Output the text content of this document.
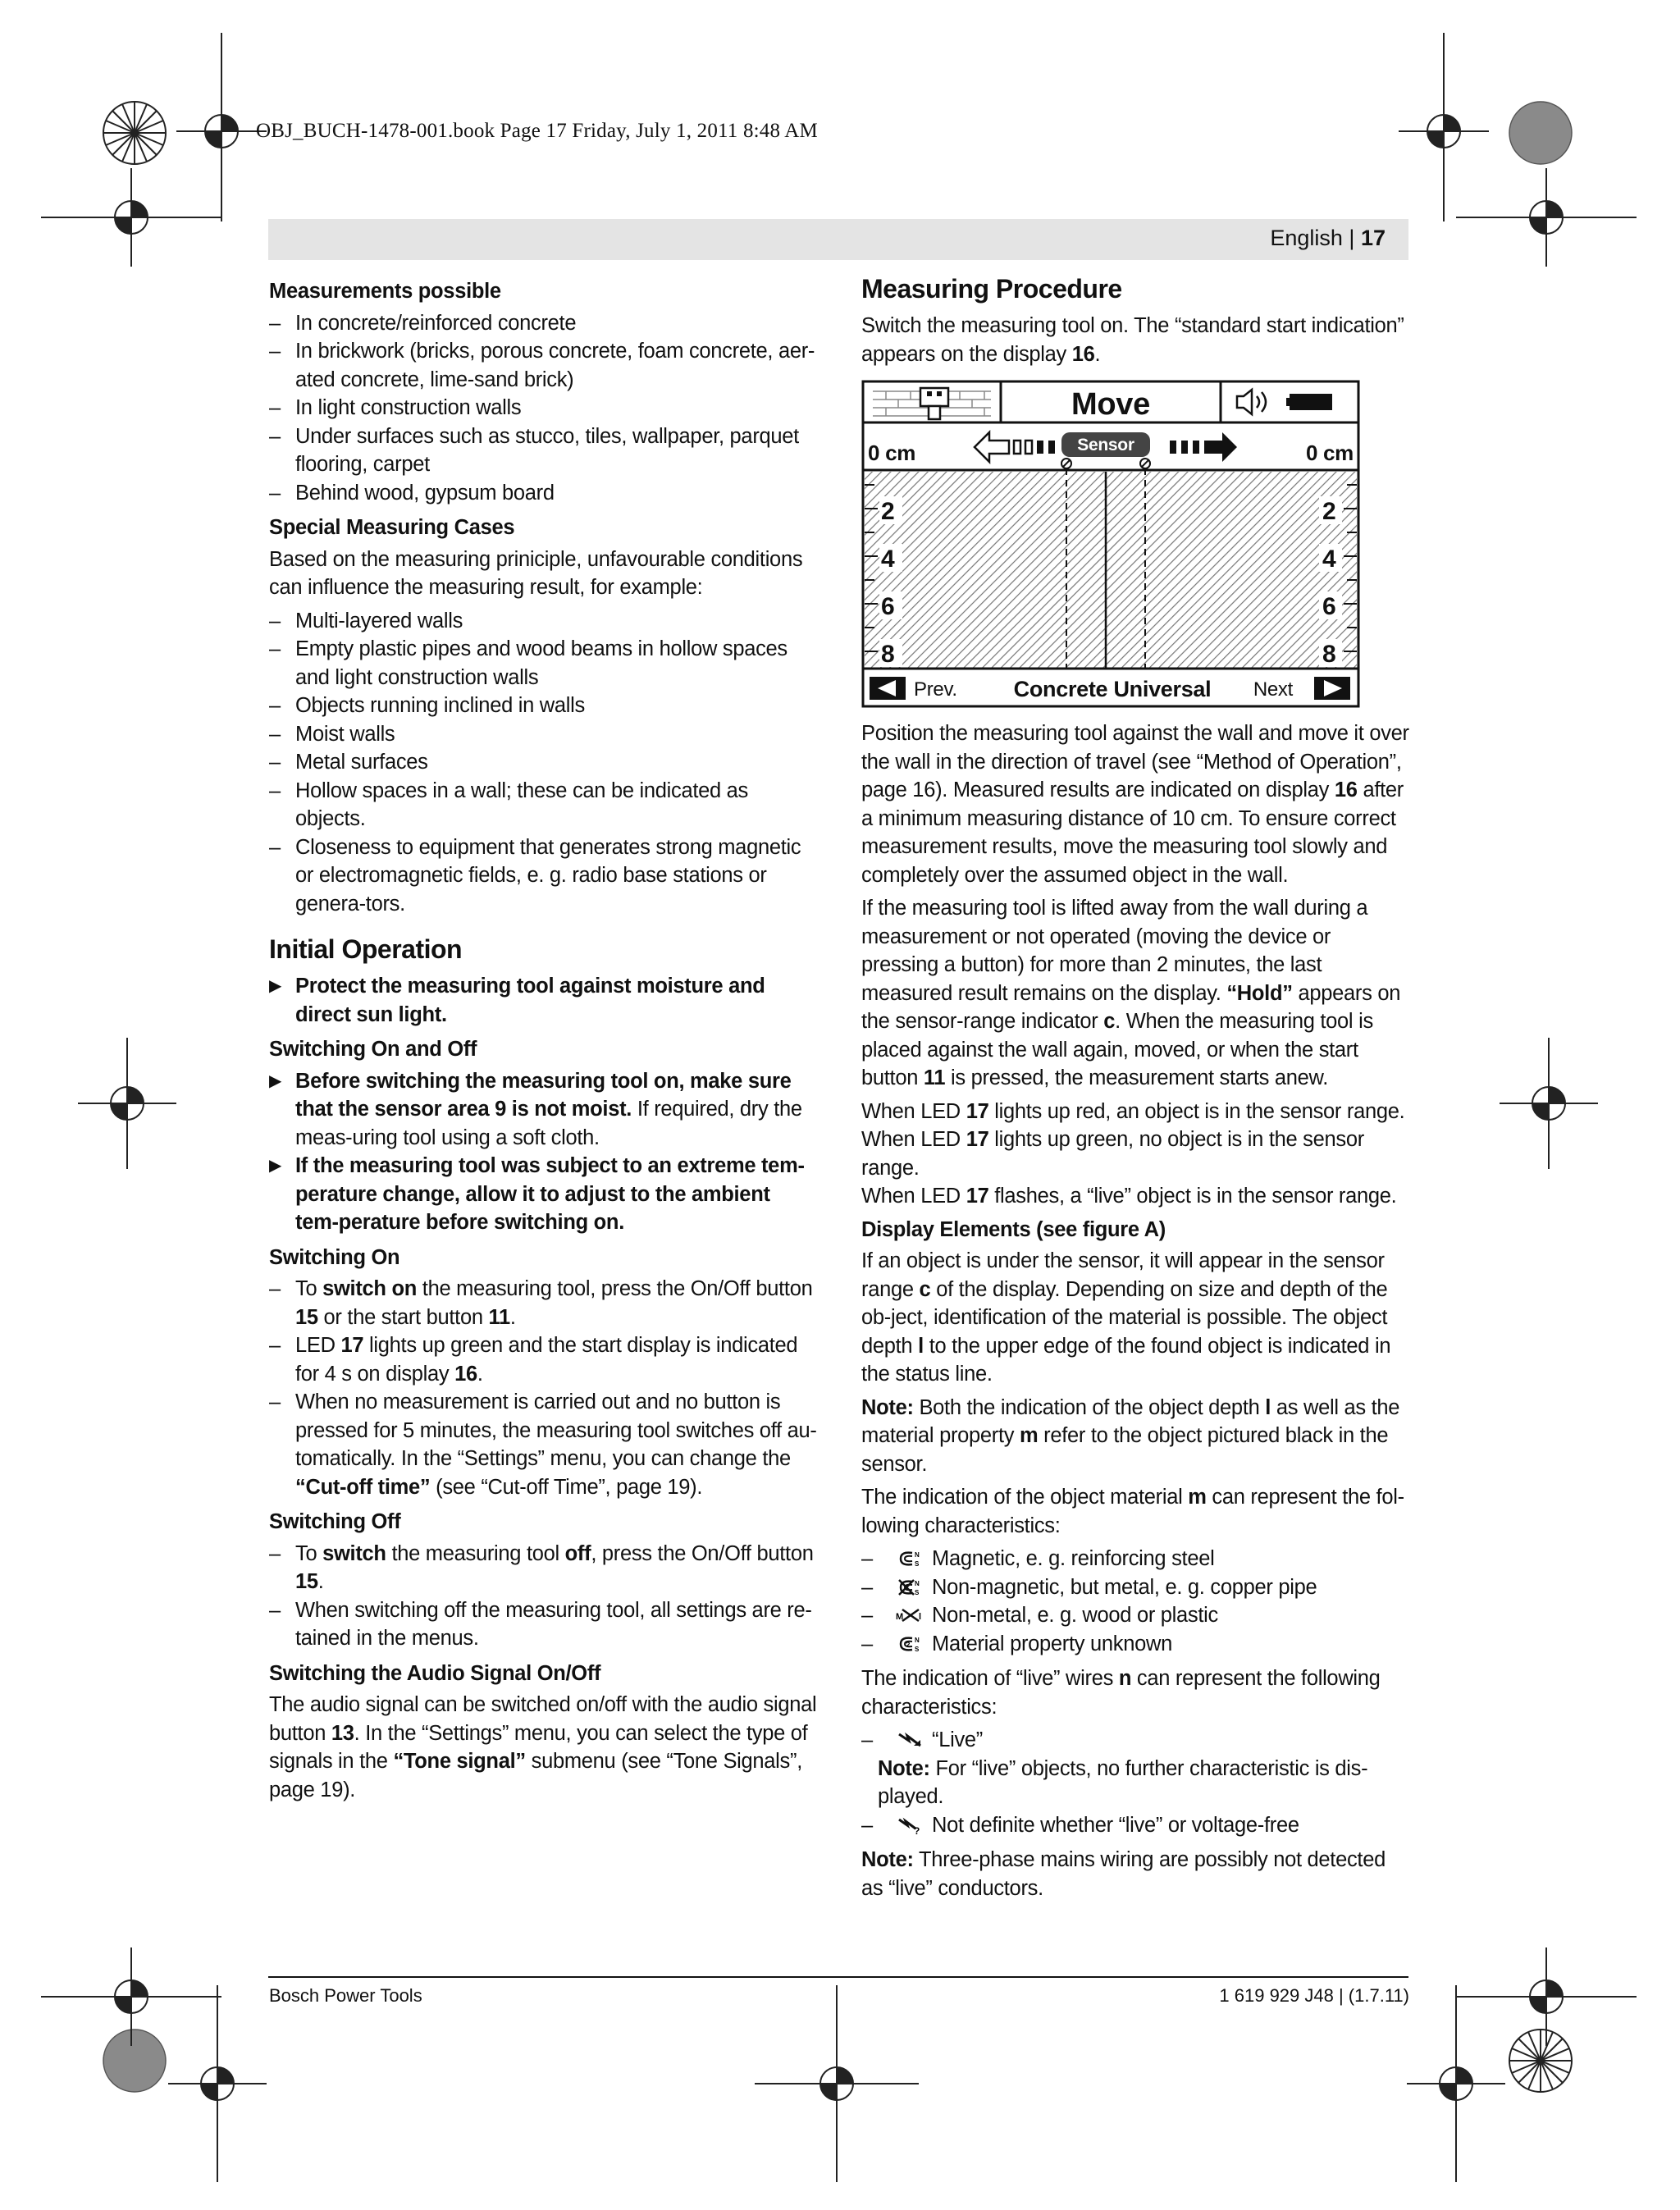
OBJ_BUCH-1478-001.book Page 17 Friday, July 1, 2011 8:48 AM
English | 17
Measurements possible
– In concrete/reinforced concrete
– In brickwork (bricks, porous concrete, foam concrete, aer-ated concrete, lime-sand brick)
– In light construction walls
– Under surfaces such as stucco, tiles, wallpaper, parquet flooring, carpet
– Behind wood, gypsum board
Special Measuring Cases

Based on the measuring priniciple, unfavourable conditions can influence the measuring result, for example:

– Multi-layered walls
– Empty plastic pipes and wood beams in hollow spaces and light construction walls
– Objects running inclined in walls
– Moist walls
– Metal surfaces
– Hollow spaces in a wall; these can be indicated as objects.
– Closeness to equipment that generates strong magnetic or electromagnetic fields, e. g. radio base stations or genera-tors.
Initial Operation
▶ Protect the measuring tool against moisture and direct sun light.
Switching On and Off
▶ Before switching the measuring tool on, make sure that the sensor area 9 is not moist. If required, dry the meas-uring tool using a soft cloth.
▶ If the measuring tool was subject to an extreme tem-perature change, allow it to adjust to the ambient tem-perature before switching on.
Switching On
– To switch on the measuring tool, press the On/Off button 15 or the start button 11.
– LED 17 lights up green and the start display is indicated for 4 s on display 16.
– When no measurement is carried out and no button is pressed for 5 minutes, the measuring tool switches off au-tomatically. In the “Settings” menu, you can change the “Cut-off time” (see “Cut-off Time”, page 19).
Switching Off
– To switch the measuring tool off, press the On/Off button 15.
– When switching off the measuring tool, all settings are re-tained in the menus.
Switching the Audio Signal On/Off

The audio signal can be switched on/off with the audio signal button 13. In the “Settings” menu, you can select the type of signals in the “Tone signal” submenu (see “Tone Signals”, page 19).

Measuring Procedure

Switch the measuring tool on. The “standard start indication” appears on the display 16.

Move
0 cm	0 cm
Sensor
2
4
6
8
2
4
6
8
Prev.	Concrete Universal Next

Position the measuring tool against the wall and move it over the wall in the direction of travel (see “Method of Operation”, page 16). Measured results are indicated on display 16 after a minimum measuring distance of 10 cm. To ensure correct measurement results, move the measuring tool slowly and completely over the assumed object in the wall.

If the measuring tool is lifted away from the wall during a measurement or not operated (moving the device or pressing a button) for more than 2 minutes, the last measured result remains on the display. “Hold” appears on the sensor-range indicator c. When the measuring tool is placed against the wall again, moved, or when the start button 11 is pressed, the measurement starts anew.

When LED 17 lights up red, an object is in the sensor range.
When LED 17 lights up green, no object is in the sensor range.
When LED 17 flashes, a “live” object is in the sensor range.

Display Elements (see figure A)

If an object is under the sensor, it will appear in the sensor range c of the display. Depending on size and depth of the ob-ject, identification of the material is possible. The object depth l to the upper edge of the found object is indicated in the status line.

Note: Both the indication of the object depth l as well as the material property m refer to the object pictured black in the sensor.

The indication of the object material m can represent the fol-lowing characteristics:

–	N
S Magnetic, e. g. reinforcing steel
–	N
S Non-magnetic, but metal, e. g. copper pipe
–	M l Non-metal, e. g. wood or plastic
–	?
N
S Material property unknown

The indication of “live” wires n can represent the following characteristics:

–	“Live”
Note: For “live” objects, no further characteristic is dis-played.
–	? Not definite whether “live” or voltage-free

Note: Three-phase mains wiring are possibly not detected as “live” conductors.

Bosch Power Tools	1 619 929 J48 | (1.7.11)
